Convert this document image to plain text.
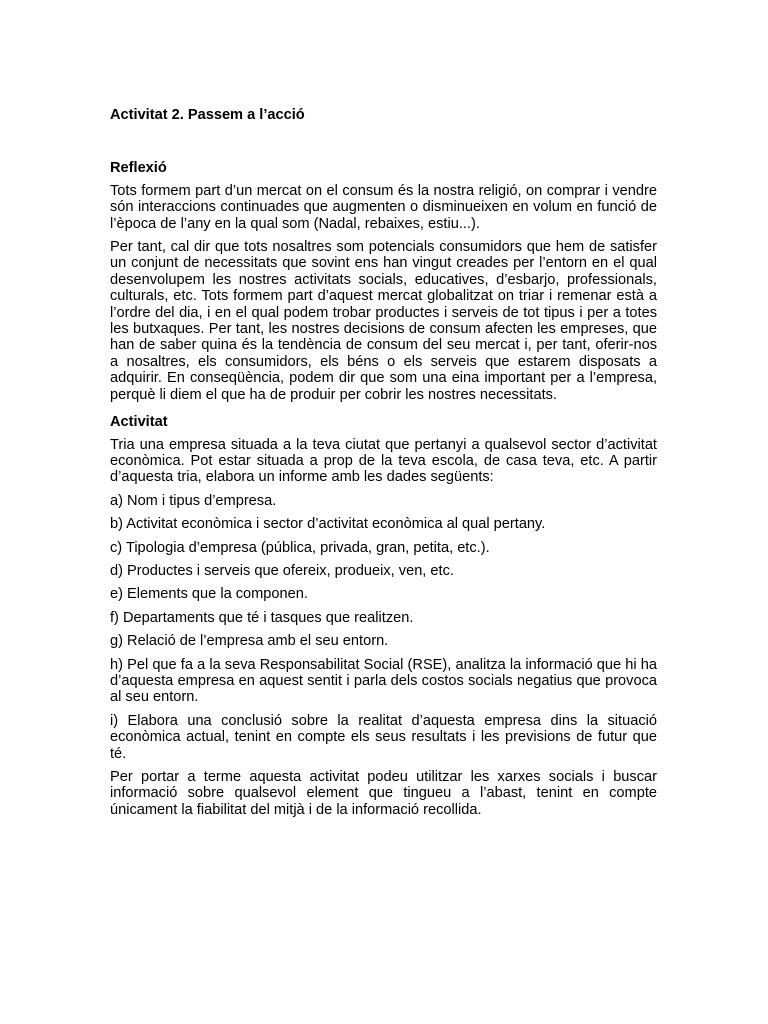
Activitat 2. Passem a l’acció
Reflexió
Tots formem part d’un mercat on el consum és la nostra religió, on comprar i vendre són interaccions continuades que augmenten o disminueixen en volum en funció de l’època de l’any en la qual som (Nadal, rebaixes, estiu...).
Per tant, cal dir que tots nosaltres som potencials consumidors que hem de satisfer un conjunt de necessitats que sovint ens han vingut creades per l’entorn en el qual desenvolupem les nostres activitats socials, educatives, d’esbarjo, professionals, culturals, etc. Tots formem part d’aquest mercat globalitzat on triar i remenar està a l’ordre del dia, i en el qual podem trobar productes i serveis de tot tipus i per a totes les butxaques. Per tant, les nostres decisions de consum afecten les empreses, que han de saber quina és la tendència de consum del seu mercat i, per tant, oferir-nos a nosaltres, els consumidors, els béns o els serveis que estarem disposats a adquirir. En conseqüència, podem dir que som una eina important per a l’empresa, perquè li diem el que ha de produir per cobrir les nostres necessitats.
Activitat
Tria una empresa situada a la teva ciutat que pertanyi a qualsevol sector d’activitat econòmica. Pot estar situada a prop de la teva escola, de casa teva, etc. A partir d’aquesta tria, elabora un informe amb les dades següents:
a) Nom i tipus d’empresa.
b) Activitat econòmica i sector d’activitat econòmica al qual pertany.
c) Tipologia d’empresa (pública, privada, gran, petita, etc.).
d) Productes i serveis que ofereix, produeix, ven, etc.
e) Elements que la componen.
f) Departaments que té i tasques que realitzen.
g) Relació de l’empresa amb el seu entorn.
h) Pel que fa a la seva Responsabilitat Social (RSE), analitza la informació que hi ha d’aquesta empresa en aquest sentit i parla dels costos socials negatius que provoca al seu entorn.
i) Elabora una conclusió sobre la realitat d’aquesta empresa dins la situació econòmica actual, tenint en compte els seus resultats i les previsions de futur que té.
Per portar a terme aquesta activitat podeu utilitzar les xarxes socials i buscar informació sobre qualsevol element que tingueu a l’abast, tenint en compte únicament la fiabilitat del mitjà i de la informació recollida.
